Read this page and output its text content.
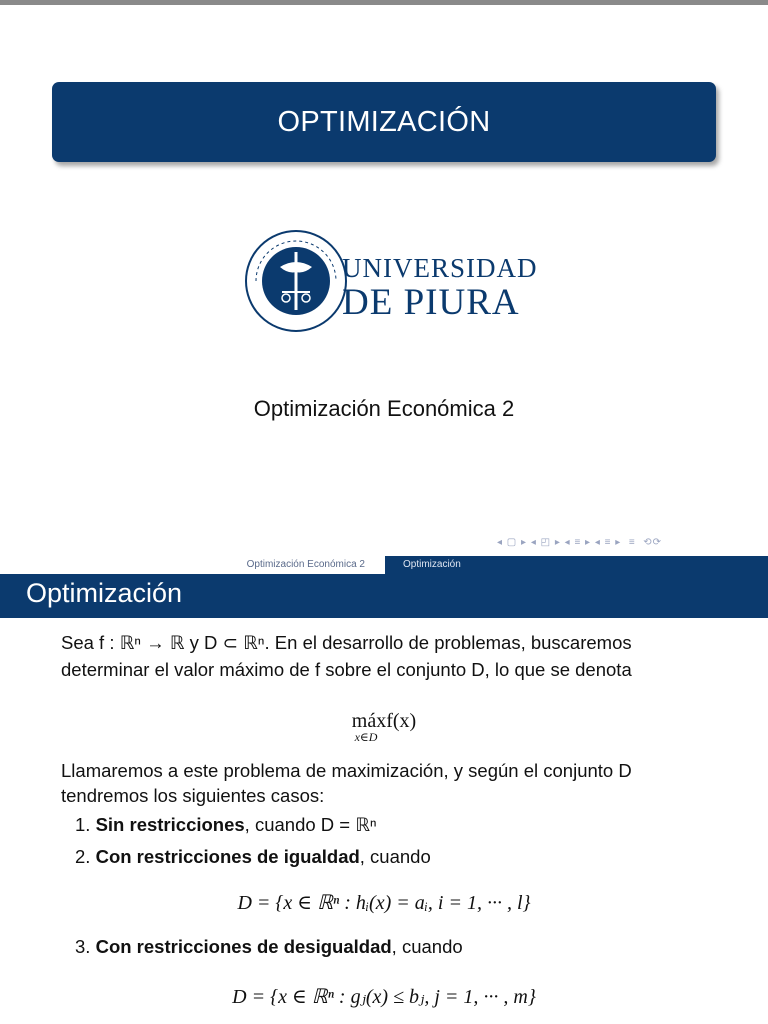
OPTIMIZACIÓN
UNIVERSIDAD
DE PIURA
Optimización Económica 2
◂ ▢ ▸ ◂ ◰ ▸ ◂ ≡ ▸ ◂ ≡ ▸  ≡  ⟲⟳
Optimización Económica 2	Optimización
Optimización
Sea f : ℝⁿ → ℝ y D ⊂ ℝⁿ. En el desarrollo de problemas, buscaremos
determinar el valor máximo de f sobre el conjunto D, lo que se denota
máxf(x)
x∈D
Llamaremos a este problema de maximización, y según el conjunto D
tendremos los siguientes casos:
1. Sin restricciones, cuando D = ℝⁿ
2. Con restricciones de igualdad, cuando
D = {x ∈ ℝⁿ : hᵢ(x) = aᵢ, i = 1, ··· , l}
3. Con restricciones de desigualdad, cuando
D = {x ∈ ℝⁿ : gⱼ(x) ≤ bⱼ, j = 1, ··· , m}
